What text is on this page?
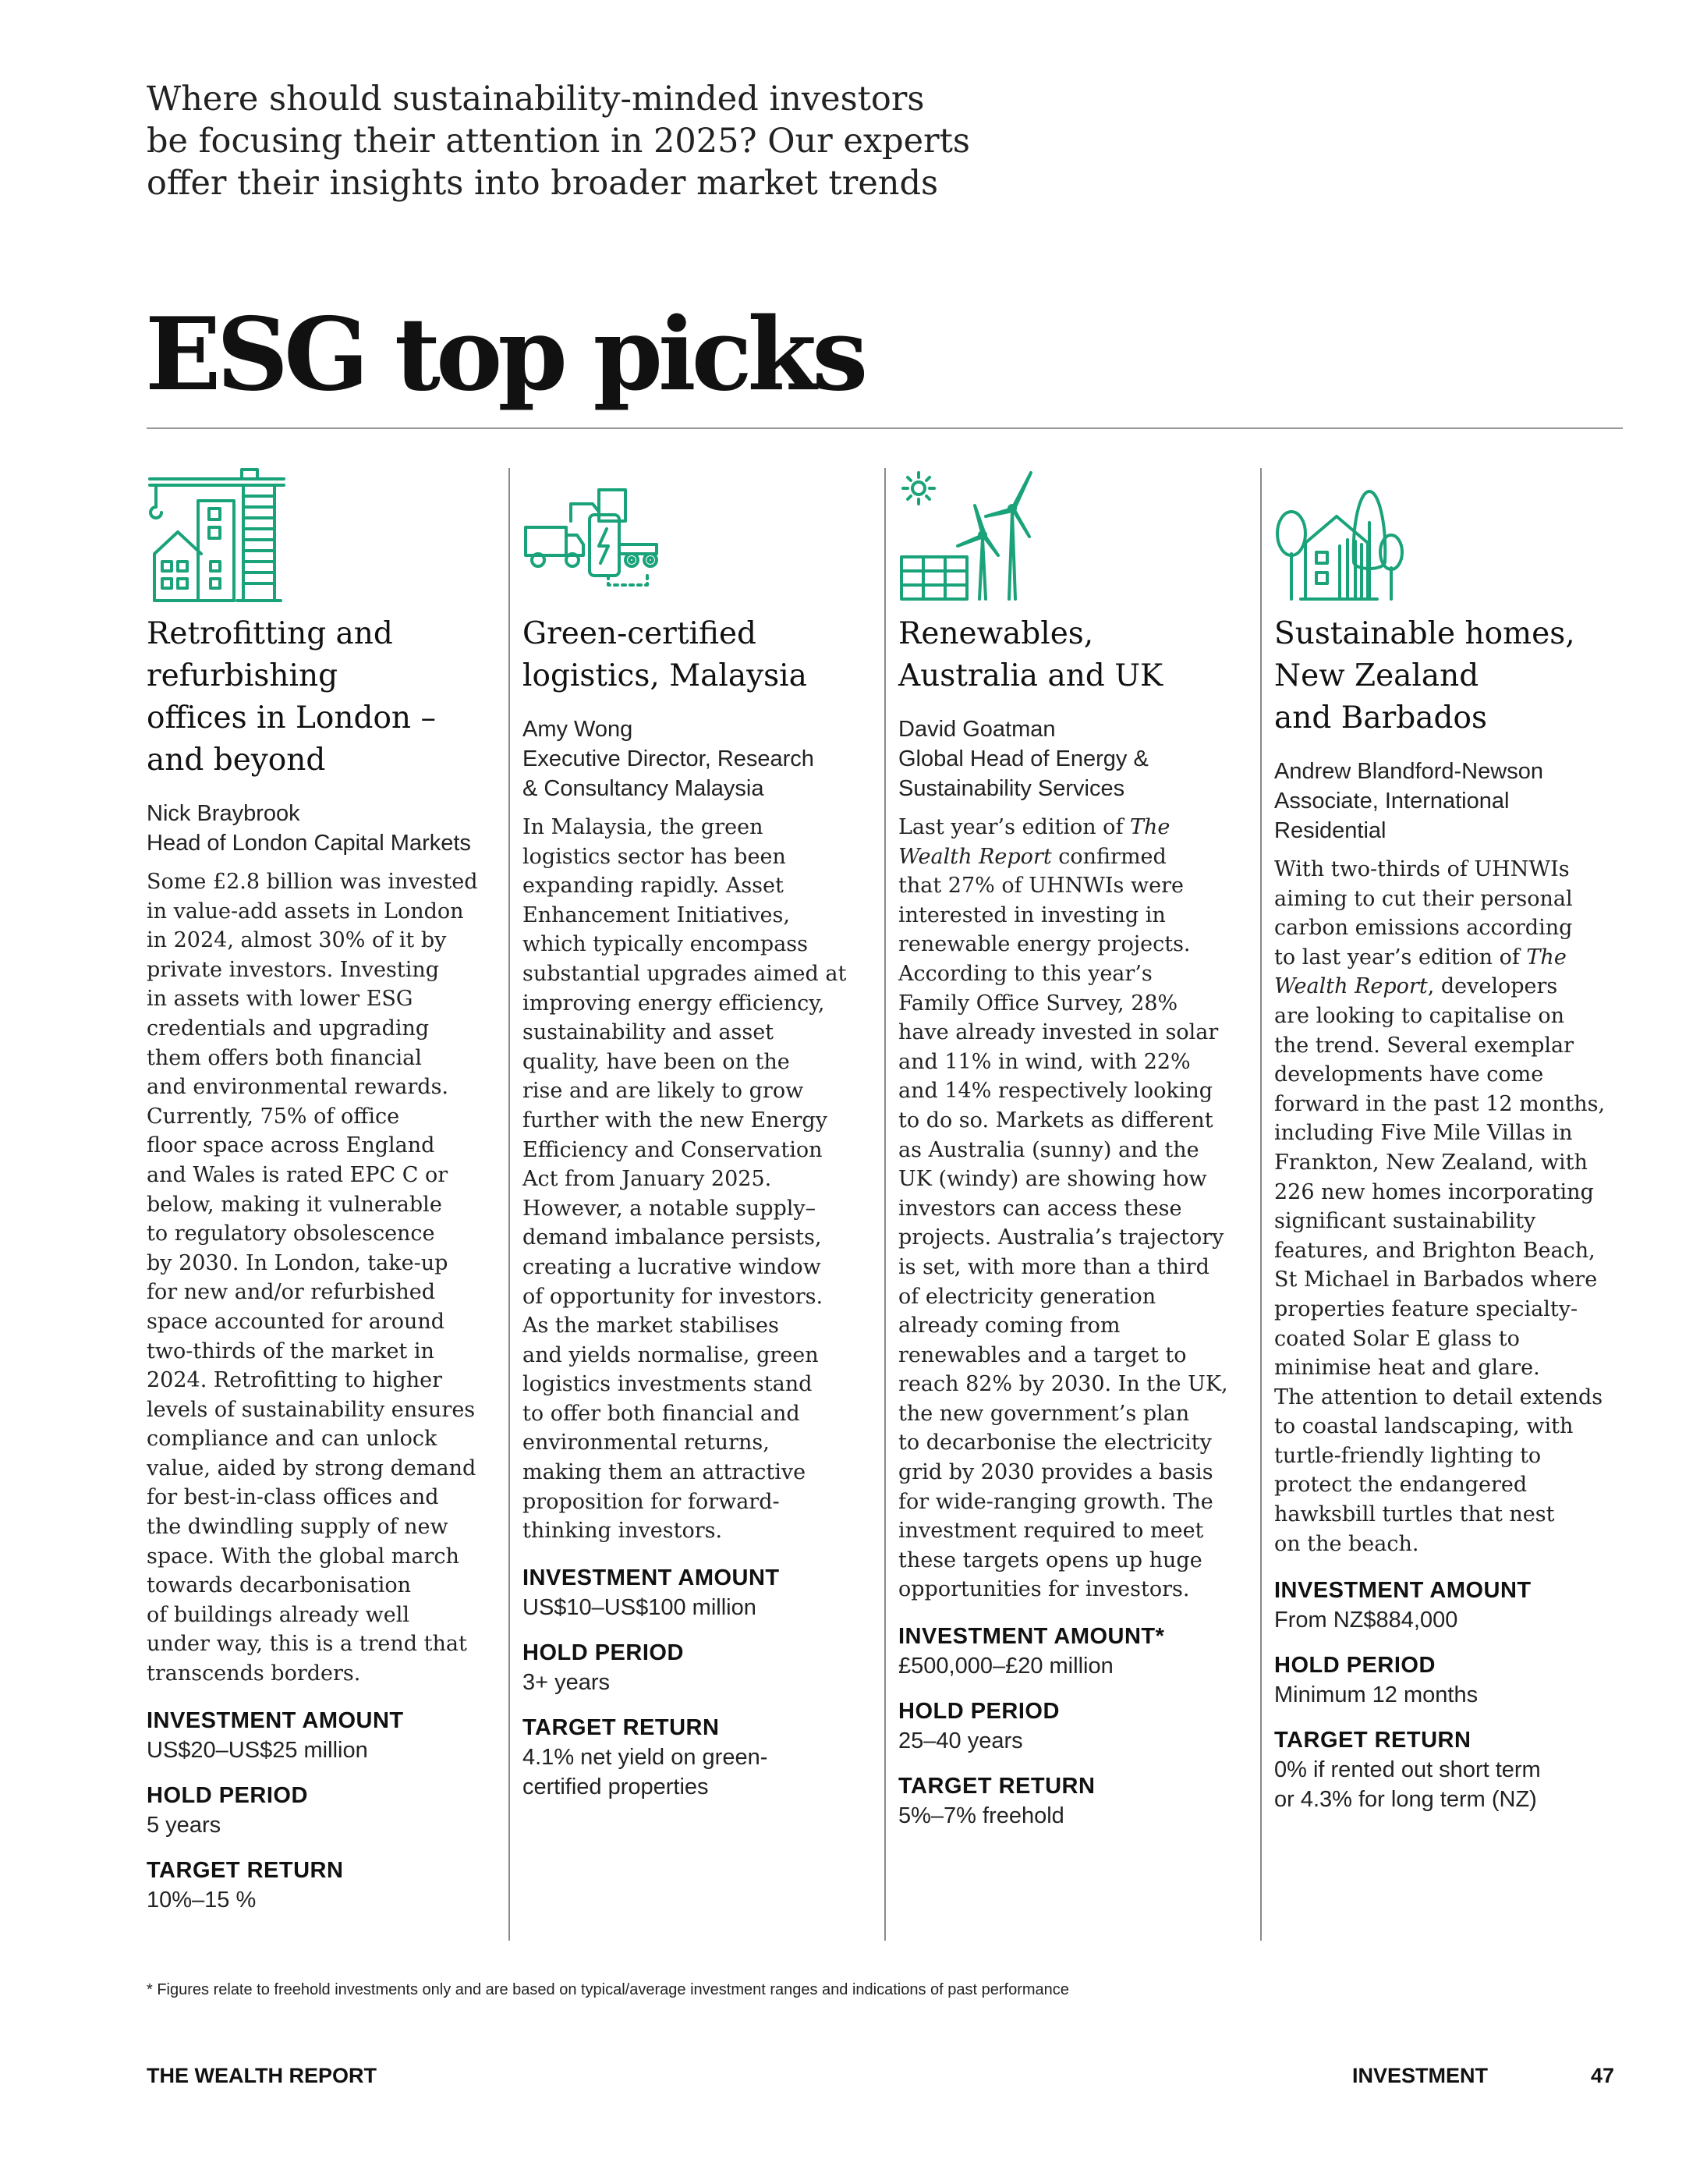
Where should sustainability-minded investors
be focusing their attention in 2025? Our experts
offer their insights into broader market trends
ESG top picks
Retrofitting and
refurbishing
offices in London –
and beyond
Nick Braybrook
Head of London Capital Markets
Some £2.8 billion was invested
in value-add assets in London
in 2024, almost 30% of it by
private investors. Investing
in assets with lower ESG
credentials and upgrading
them offers both financial
and environmental rewards.
Currently, 75% of office
floor space across England
and Wales is rated EPC C or
below, making it vulnerable
to regulatory obsolescence
by 2030. In London, take-up
for new and/or refurbished
space accounted for around
two-thirds of the market in
2024. Retrofitting to higher
levels of sustainability ensures
compliance and can unlock
value, aided by strong demand
for best-in-class offices and
the dwindling supply of new
space. With the global march
towards decarbonisation
of buildings already well
under way, this is a trend that
transcends borders.
INVESTMENT AMOUNT
US$20–US$25 million
HOLD PERIOD
5 years
TARGET RETURN
10%–15 %
Green-certified
logistics, Malaysia
Amy Wong
Executive Director, Research
& Consultancy Malaysia
In Malaysia, the green
logistics sector has been
expanding rapidly. Asset
Enhancement Initiatives,
which typically encompass
substantial upgrades aimed at
improving energy efficiency,
sustainability and asset
quality, have been on the
rise and are likely to grow
further with the new Energy
Efficiency and Conservation
Act from January 2025.
However, a notable supply–
demand imbalance persists,
creating a lucrative window
of opportunity for investors.
As the market stabilises
and yields normalise, green
logistics investments stand
to offer both financial and
environmental returns,
making them an attractive
proposition for forward-
thinking investors.
INVESTMENT AMOUNT
US$10–US$100 million
HOLD PERIOD
3+ years
TARGET RETURN
4.1% net yield on green-
certified properties
Renewables,
Australia and UK
David Goatman
Global Head of Energy &
Sustainability Services
Last year’s edition of The
Wealth Report confirmed
that 27% of UHNWIs were
interested in investing in
renewable energy projects.
According to this year’s
Family Office Survey, 28%
have already invested in solar
and 11% in wind, with 22%
and 14% respectively looking
to do so. Markets as different
as Australia (sunny) and the
UK (windy) are showing how
investors can access these
projects. Australia’s trajectory
is set, with more than a third
of electricity generation
already coming from
renewables and a target to
reach 82% by 2030. In the UK,
the new government’s plan
to decarbonise the electricity
grid by 2030 provides a basis
for wide-ranging growth. The
investment required to meet
these targets opens up huge
opportunities for investors.
INVESTMENT AMOUNT*
£500,000–£20 million
HOLD PERIOD
25–40 years
TARGET RETURN
5%–7% freehold
Sustainable homes,
New Zealand
and Barbados
Andrew Blandford-Newson
Associate, International
Residential
With two-thirds of UHNWIs
aiming to cut their personal
carbon emissions according
to last year’s edition of The
Wealth Report, developers
are looking to capitalise on
the trend. Several exemplar
developments have come
forward in the past 12 months,
including Five Mile Villas in
Frankton, New Zealand, with
226 new homes incorporating
significant sustainability
features, and Brighton Beach,
St Michael in Barbados where
properties feature specialty-
coated Solar E glass to
minimise heat and glare.
The attention to detail extends
to coastal landscaping, with
turtle-friendly lighting to
protect the endangered
hawksbill turtles that nest
on the beach.
INVESTMENT AMOUNT
From NZ$884,000
HOLD PERIOD
Minimum 12 months
TARGET RETURN
0% if rented out short term
or 4.3% for long term (NZ)
* Figures relate to freehold investments only and are based on typical/average investment ranges and indications of past performance
THE WEALTH REPORT	INVESTMENT	47
